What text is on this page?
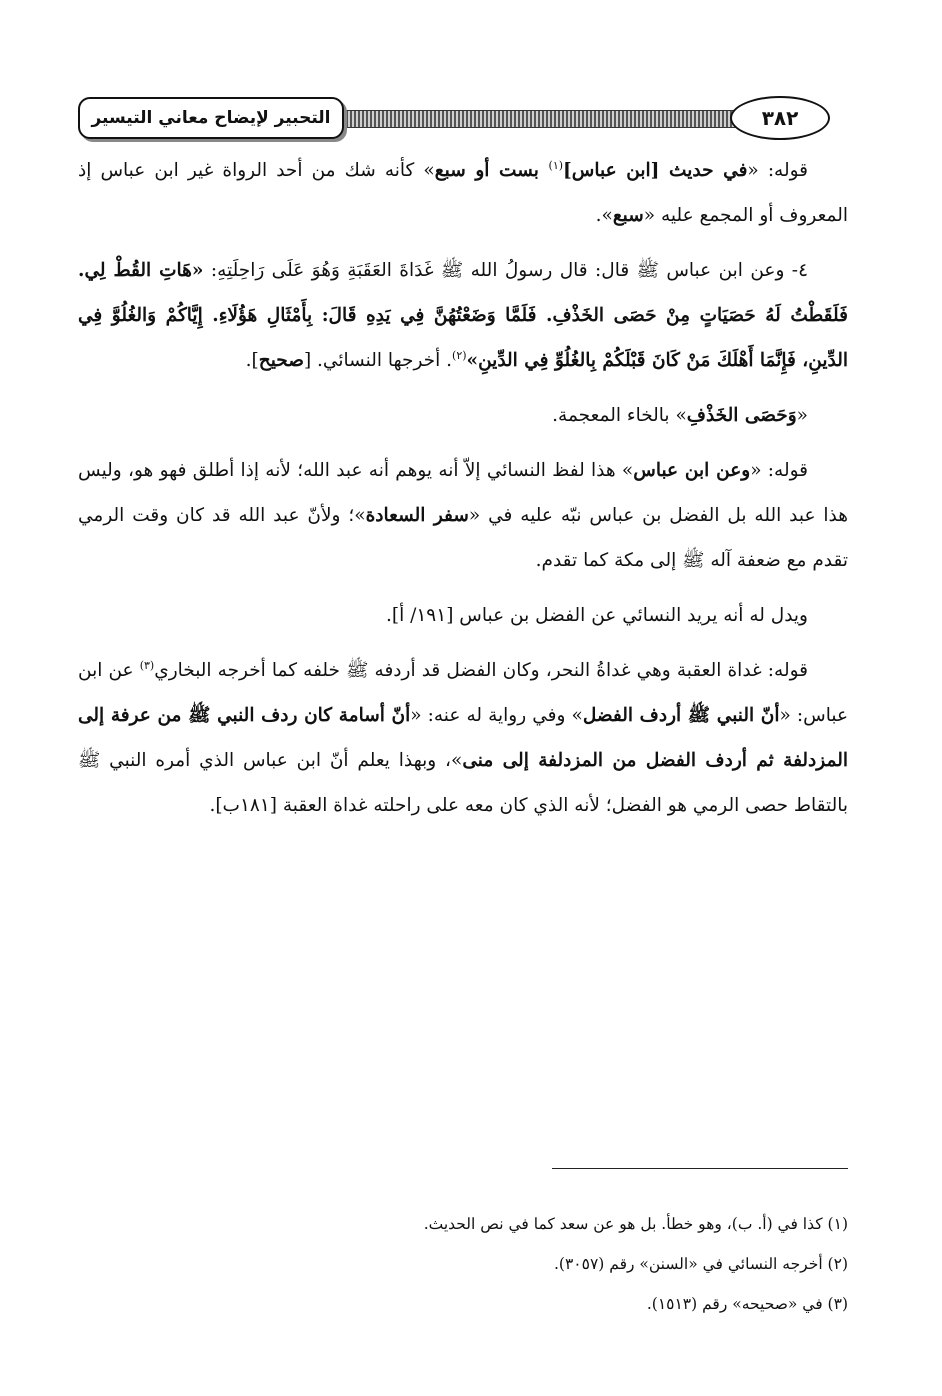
التحبير لإيضاح معاني التيسير	٣٨٢

قوله: «في حديث [ابن عباس]$^{(١)}$ بست أو سبع» كأنه شك من أحد الرواة غير ابن عباس إذ المعروف أو المجمع عليه «سبع».

٤- وعن ابن عباس ﷺ قال: قال رسولُ الله ﷺ غَدَاةَ العَقَبَةِ وَهُوَ عَلَى رَاحِلَتِهِ: «هَاتِ القُطْ لِي. فَلَقَطْتُ لَهُ حَصَيَاتٍ مِنْ حَصَى الخَذْفِ. فَلَمَّا وَضَعْتُهُنَّ فِي يَدِهِ قَالَ: بِأَمْثَالِ هَؤُلَاءِ. إِيَّاكُمْ وَالغُلُوَّ فِي الدِّينِ، فَإِنَّمَا أَهْلَكَ مَنْ كَانَ قَبْلَكُمْ بِالغُلُوِّ فِي الدِّينِ»$^{(٢)}$. أخرجها النسائي. [صحيح].

«وَحَصَى الخَذْفِ» بالخاء المعجمة.

قوله: «وعن ابن عباس» هذا لفظ النسائي إلاّ أنه يوهم أنه عبد الله؛ لأنه إذا أطلق فهو هو، وليس هذا عبد الله بل الفضل بن عباس نبّه عليه في «سفر السعادة»؛ ولأنّ عبد الله قد كان وقت الرمي تقدم مع ضعفة آله ﷺ إلى مكة كما تقدم.

ويدل له أنه يريد النسائي عن الفضل بن عباس [١٩١/ أ].

قوله: غداة العقبة وهي غداةُ النحر، وكان الفضل قد أردفه ﷺ خلفه كما أخرجه البخاري$^{(٣)}$ عن ابن عباس: «أنّ النبي ﷺ أردف الفضل» وفي رواية له عنه: «أنّ أسامة كان ردف النبي ﷺ من عرفة إلى المزدلفة ثم أردف الفضل من المزدلفة إلى منى»، وبهذا يعلم أنّ ابن عباس الذي أمره النبي ﷺ بالتقاط حصى الرمي هو الفضل؛ لأنه الذي كان معه على راحلته غداة العقبة [١٨١ب].

(١) كذا في (أ. ب)، وهو خطأ. بل هو عن سعد كما في نص الحديث.

(٢) أخرجه النسائي في «السنن» رقم (٣٠٥٧).

(٣) في «صحيحه» رقم (١٥١٣).
